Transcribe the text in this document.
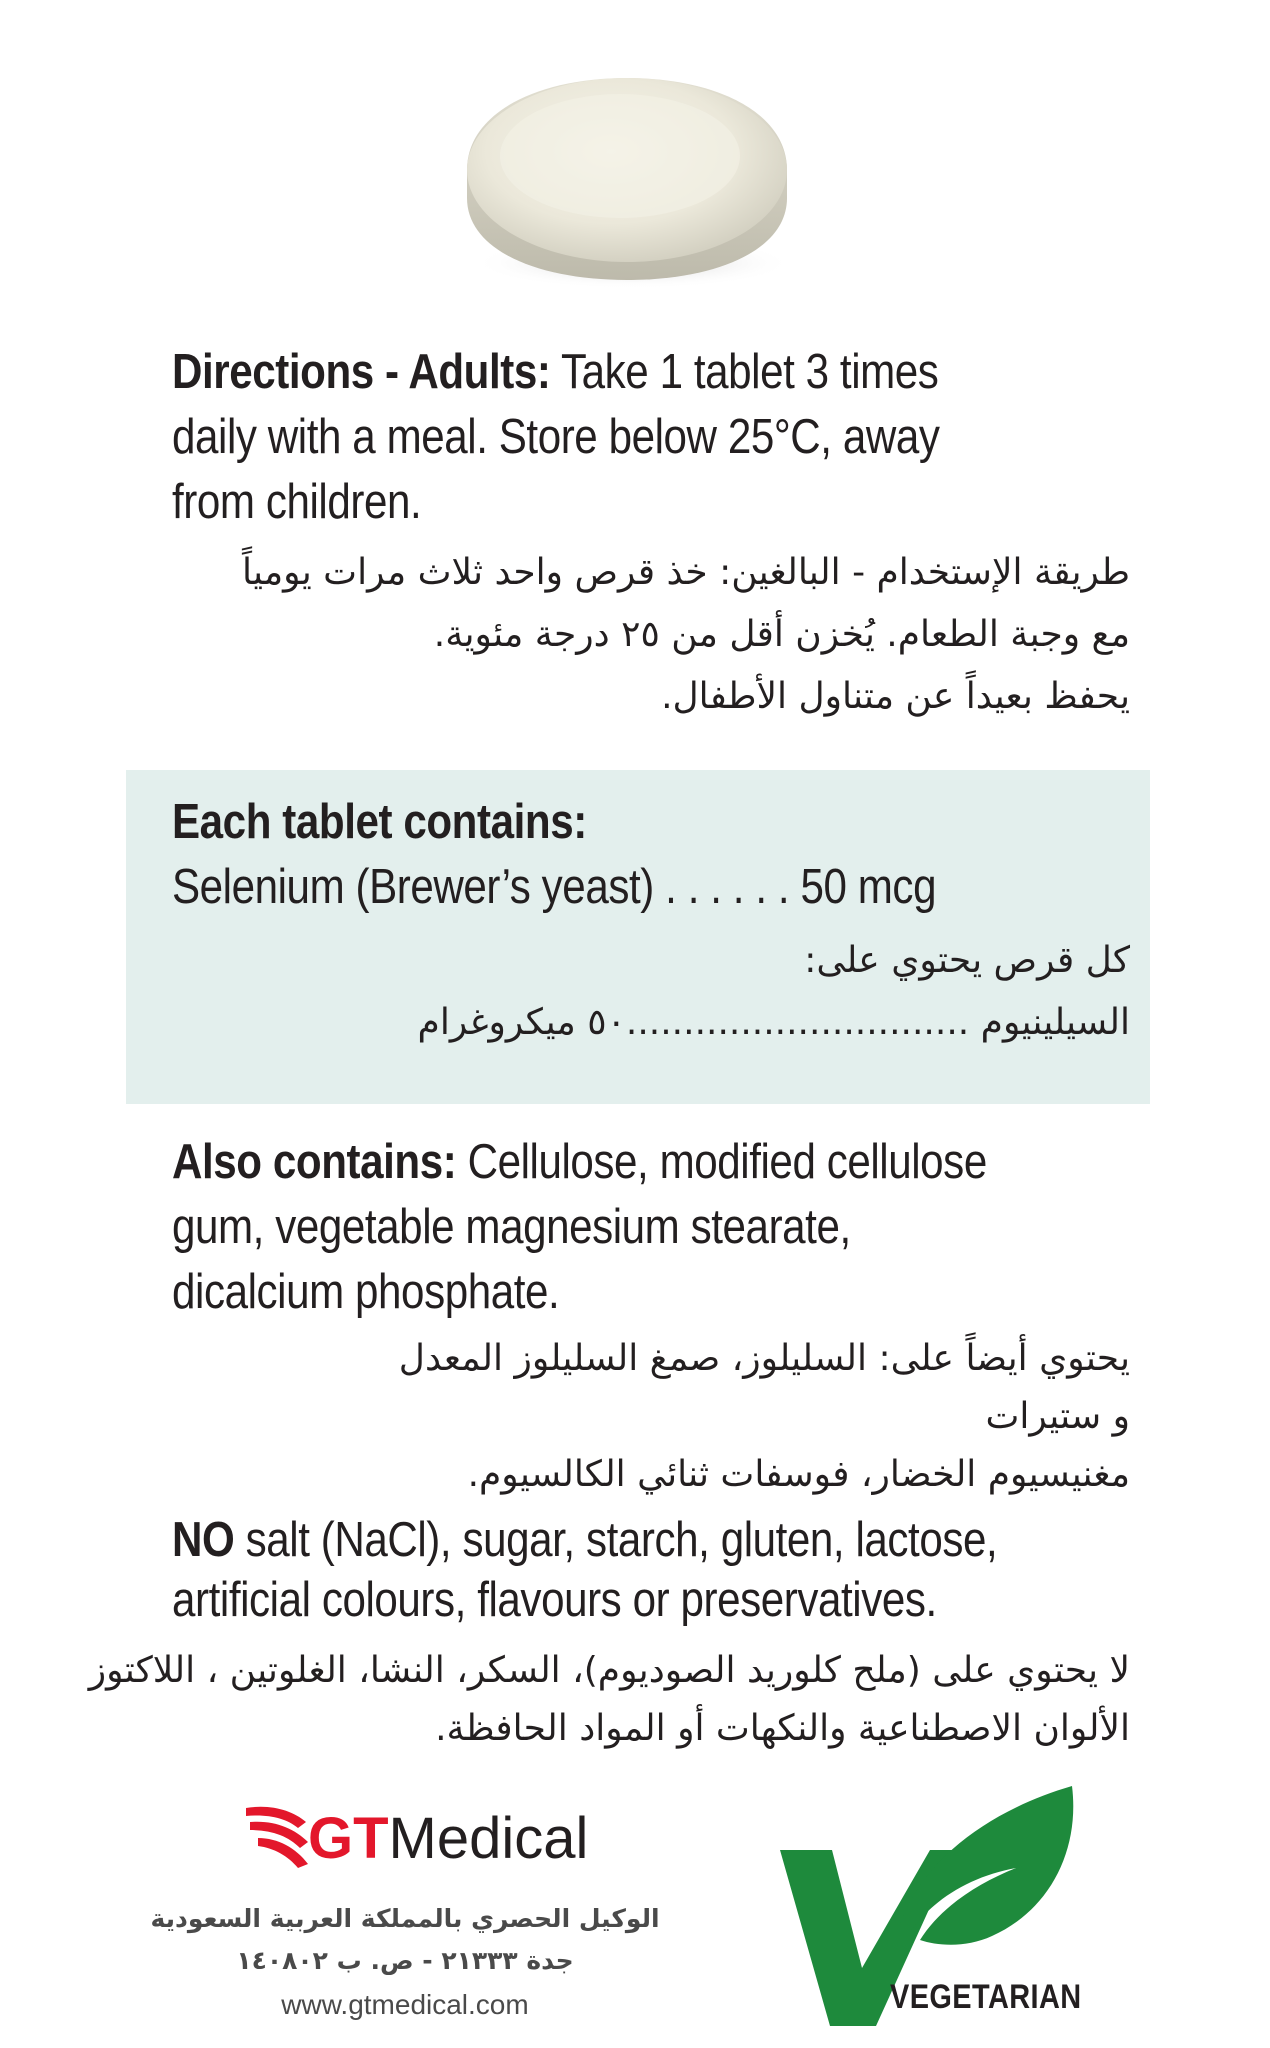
Directions - Adults: Take 1 tablet 3 times
daily with a meal. Store below 25°C, away
from children.
طريقة الإستخدام - البالغين: خذ قرص واحد ثلاث مرات يومياً
مع وجبة الطعام. يُخزن أقل من ٢٥ درجة مئوية.
يحفظ بعيداً عن متناول الأطفال.
Each tablet contains:
Selenium (Brewer’s yeast) . . . . . . 50 mcg
كل قرص يحتوي على:
السيلينيوم ..............................٥٠ ميكروغرام
Also contains: Cellulose, modified cellulose
gum, vegetable magnesium stearate,
dicalcium phosphate.
يحتوي أيضاً على: السليلوز، صمغ السليلوز المعدل
و ستيرات
مغنيسيوم الخضار، فوسفات ثنائي الكالسيوم.
NO salt (NaCl), sugar, starch, gluten, lactose,
artificial colours, flavours or preservatives.
لا يحتوي على (ملح كلوريد الصوديوم)، السكر، النشا، الغلوتين ، اللاكتوز
الألوان الاصطناعية والنكهات أو المواد الحافظة.
GTMedical
الوكيل الحصري بالمملكة العربية السعودية
جدة ٢١٣٣٣ - ص. ب ١٤٠٨٠٢
www.gtmedical.com	VEGETARIAN
